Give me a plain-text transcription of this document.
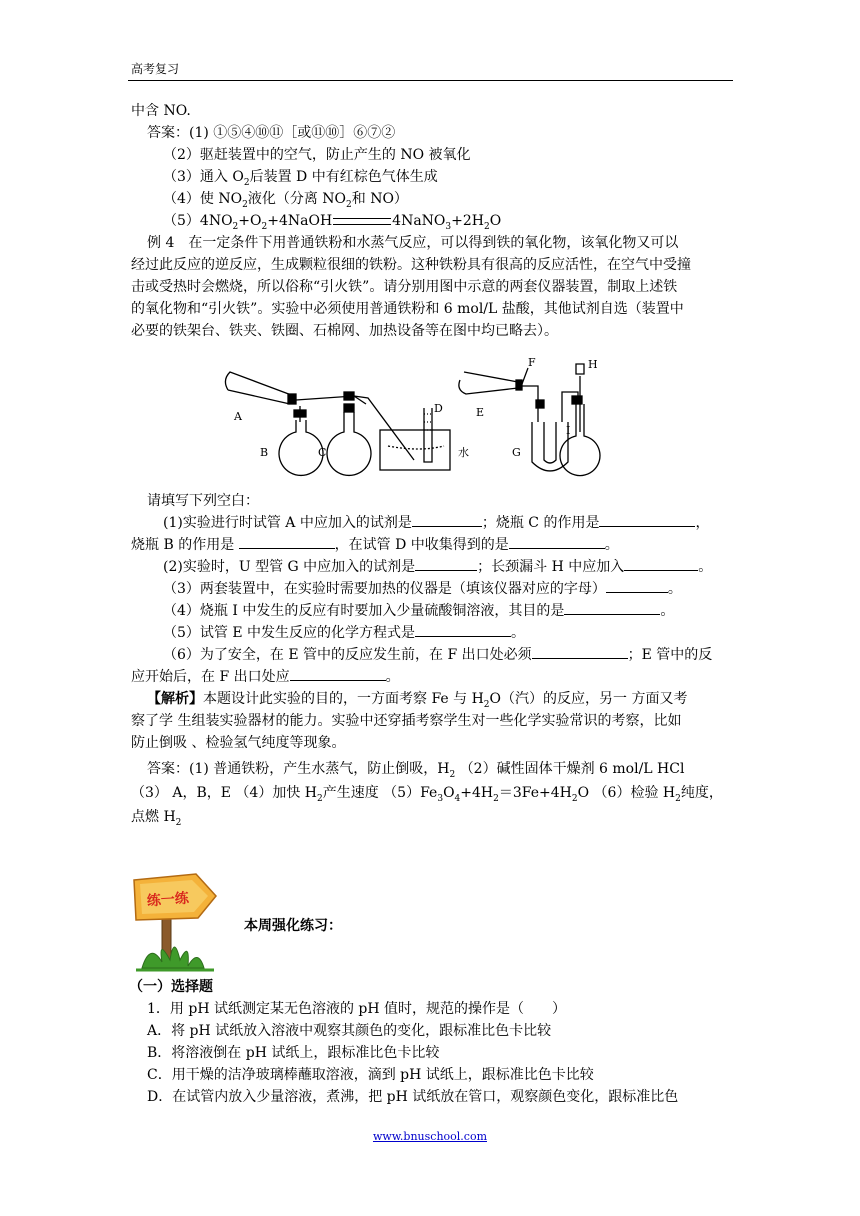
高考复习
中含 NO.
答案：(1) ①⑤④⑩⑪［或⑪⑩］⑥⑦②
（2）驱赶装置中的空气，防止产生的 NO 被氧化
（3）通入 $O_2$后装置 D 中有红棕色气体生成
（4）使 $NO_2$液化（分离 $NO_2$和 NO）
$(5)4NO_2+O_2+4NaOH$	$4NaNO_3+2H_2O$
例 4　在一定条件下用普通铁粉和水蒸气反应，可以得到铁的氧化物，该氧化物又可以
经过此反应的逆反应，生成颗粒很细的铁粉。这种铁粉具有很高的反应活性，在空气中受撞
击或受热时会燃烧，所以俗称“引火铁”。请分别用图中示意的两套仪器装置，制取上述铁
的氧化物和“引火铁”。实验中必须使用普通铁粉和 6 mol/L 盐酸，其他试剂自选（装置中
必要的铁架台、铁夹、铁圈、石棉网、加热设备等在图中均已略去）。
A
B	C
D
水
E
F
G
H
I
请填写下列空白：
(1)实验进行时试管 A 中应加入的试剂是	；烧瓶 C 的作用是	，
烧瓶 B 的作用是	，在试管 D 中收集得到的是	。
(2)实验时，U 型管 G 中应加入的试剂是	；长颈漏斗 H 中应加入	。
（3）两套装置中，在实验时需要加热的仪器是（填该仪器对应的字母）	。
（4）烧瓶 I 中发生的反应有时要加入少量硫酸铜溶液，其目的是	。
（5）试管 E 中发生反应的化学方程式是	。
（6）为了安全，在 E 管中的反应发生前，在 F 出口处必须	；E 管中的反
应开始后，在 F 出口处应	。
【解析】本题设计此实验的目的，一方面考察 Fe 与 $H_2O$（汽）的反应，另一 方面又考
察了学 生组装实验器材的能力。实验中还穿插考察学生对一些化学实验常识的考察，比如
防止倒吸 、检验氢气纯度等现象。
答案：(1) 普通铁粉，产生水蒸气，防止倒吸，$H_2$ （2）碱性固体干燥剂 6 mol/L HCl
（3） A，B，E （4）加快 $H_2$产生速度 $(5)Fe_3O_4+4H_2=3Fe+4H_2O$ （6）检验 $H_2$纯度，
点燃 $H_2$
练一练
本周强化练习：
（一）选择题
1．用 pH 试纸测定某无色溶液的 pH 值时，规范的操作是（　　）
A．将 pH 试纸放入溶液中观察其颜色的变化，跟标准比色卡比较
B．将溶液倒在 pH 试纸上，跟标准比色卡比较
C．用干燥的洁净玻璃棒蘸取溶液，滴到 pH 试纸上，跟标准比色卡比较
D．在试管内放入少量溶液，煮沸，把 pH 试纸放在管口，观察颜色变化，跟标准比色
www.bnuschool.com
